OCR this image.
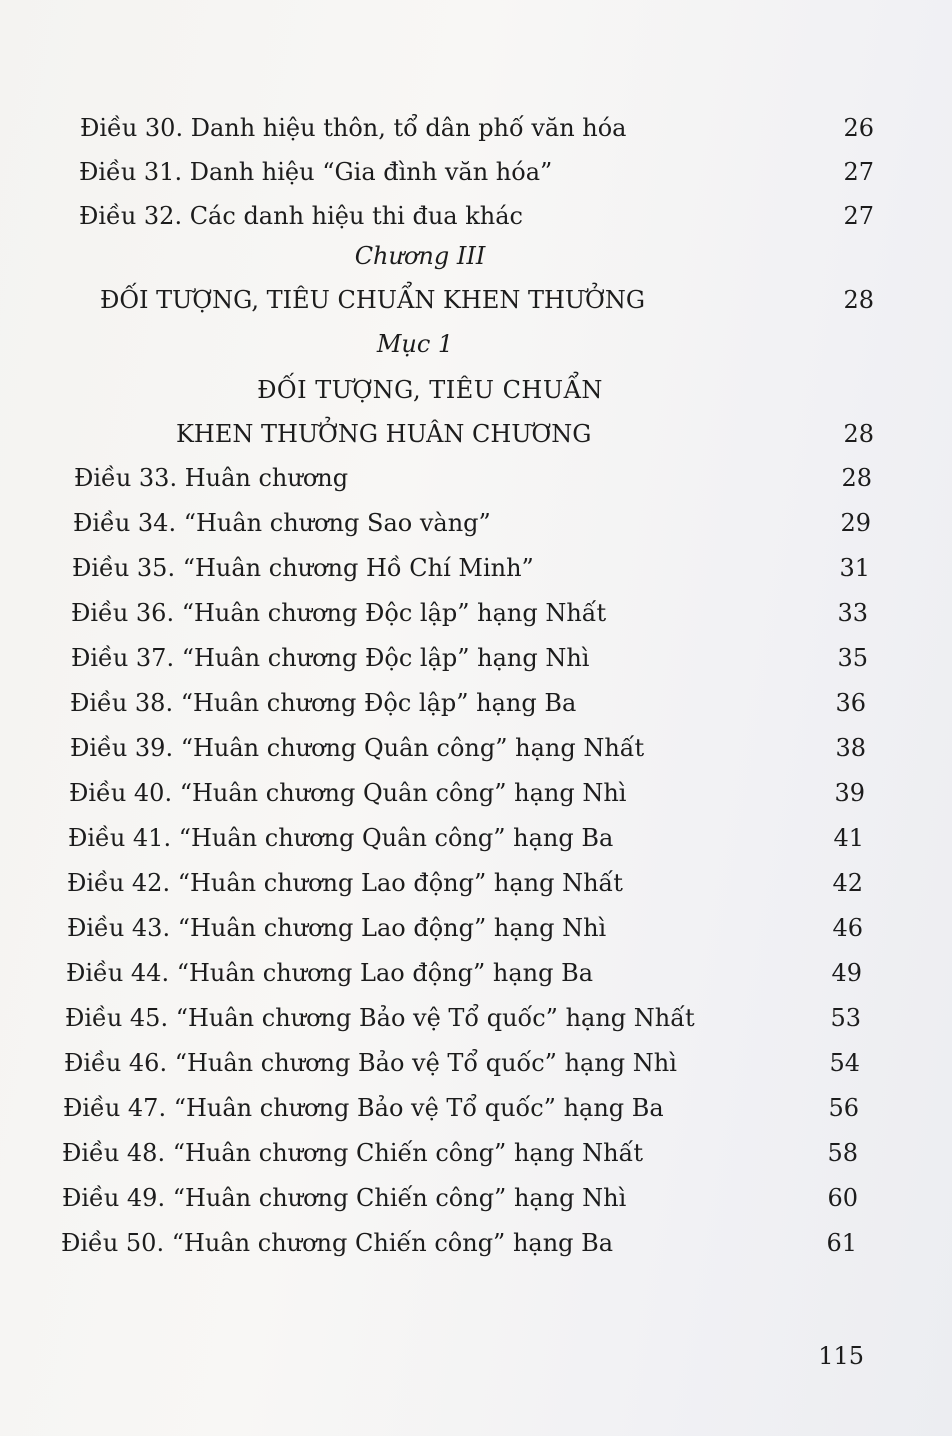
Điều 30. Danh hiệu thôn, tổ dân phố văn hóa	26
Điều 31. Danh hiệu “Gia đình văn hóa”	27
Điều 32. Các danh hiệu thi đua khác	27
Chương III
ĐỐI TƯỢNG, TIÊU CHUẨN KHEN THƯỞNG	28
Mục 1
ĐỐI TƯỢNG, TIÊU CHUẨN
KHEN THƯỞNG HUÂN CHƯƠNG	28
Điều 33. Huân chương	28
Điều 34. “Huân chương Sao vàng”	29
Điều 35. “Huân chương Hồ Chí Minh”	31
Điều 36. “Huân chương Độc lập” hạng Nhất	33
Điều 37. “Huân chương Độc lập” hạng Nhì	35
Điều 38. “Huân chương Độc lập” hạng Ba	36
Điều 39. “Huân chương Quân công” hạng Nhất	38
Điều 40. “Huân chương Quân công” hạng Nhì	39
Điều 41. “Huân chương Quân công” hạng Ba	41
Điều 42. “Huân chương Lao động” hạng Nhất	42
Điều 43. “Huân chương Lao động” hạng Nhì	46
Điều 44. “Huân chương Lao động” hạng Ba	49
Điều 45. “Huân chương Bảo vệ Tổ quốc” hạng Nhất	53
Điều 46. “Huân chương Bảo vệ Tổ quốc” hạng Nhì	54
Điều 47. “Huân chương Bảo vệ Tổ quốc” hạng Ba	56
Điều 48. “Huân chương Chiến công” hạng Nhất	58
Điều 49. “Huân chương Chiến công” hạng Nhì	60
Điều 50. “Huân chương Chiến công” hạng Ba	61
115
